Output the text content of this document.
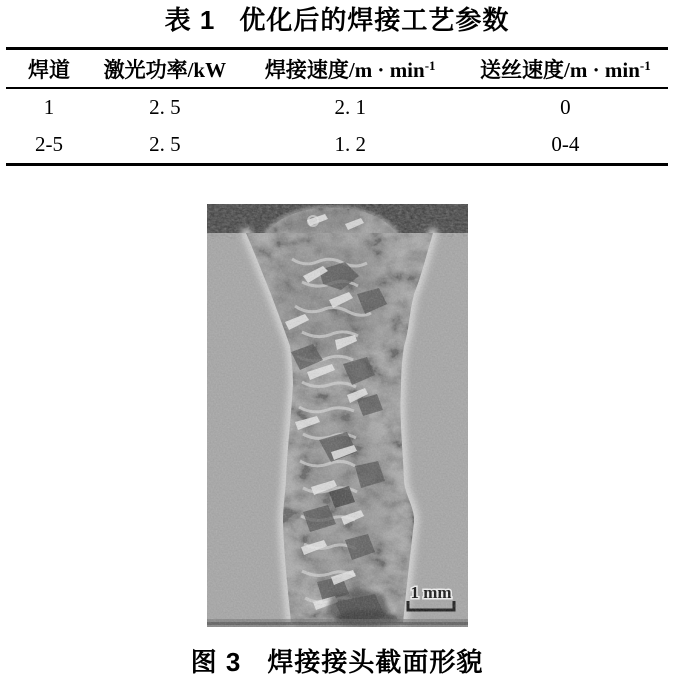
表 1 优化后的焊接工艺参数
焊道	激光功率/kW	焊接速度$/m \cdot \min^{-1}$	送丝速度$/m \cdot \min^{-1}$
1	2. 5	2. 1	0
2-5	2. 5	1. 2	0-4
图 3 焊接接头截面形貌
